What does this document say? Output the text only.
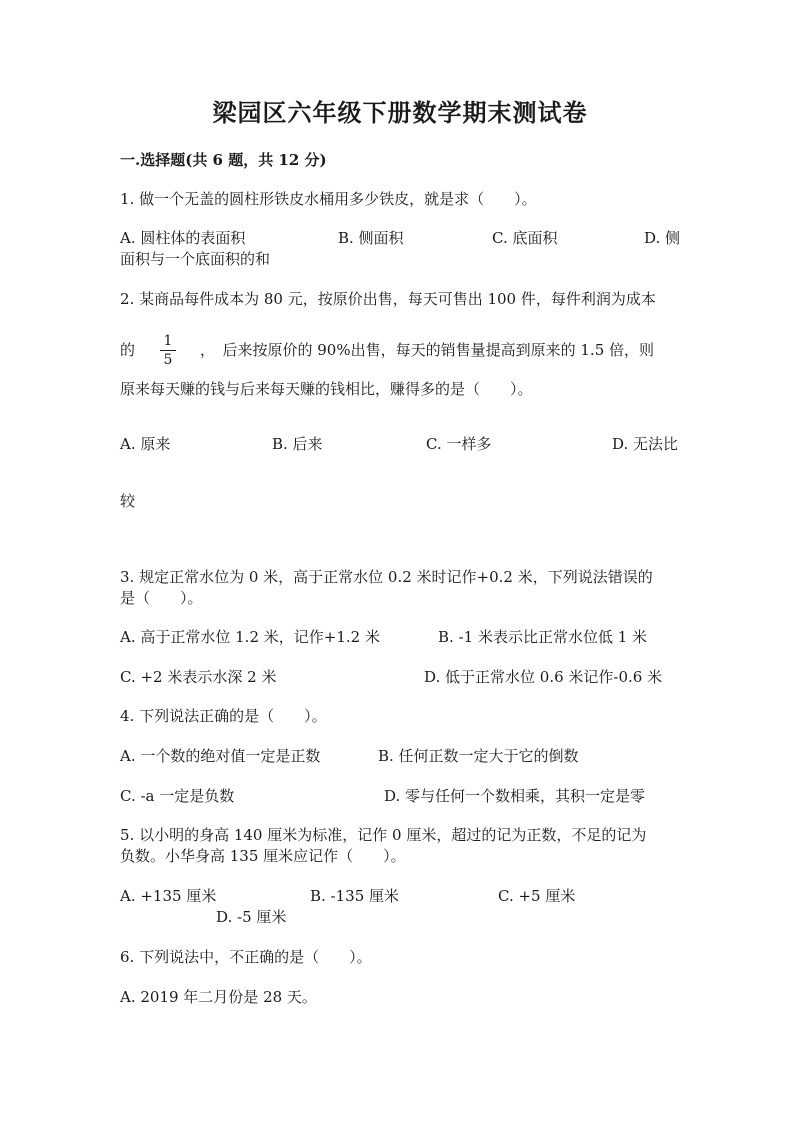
梁园区六年级下册数学期末测试卷
一.选择题(共 6 题，共 12 分)
1. 做一个无盖的圆柱形铁皮水桶用多少铁皮，就是求（　　）。
A. 圆柱体的表面积	B. 侧面积	C. 底面积	D. 侧
面积与一个底面积的和
2. 某商品每件成本为 80 元，按原价出售，每天可售出 100 件，每件利润为成本
的	1
5
，　后来按原价的 90%出售，每天的销售量提高到原来的 1.5 倍，则
原来每天赚的钱与后来每天赚的钱相比，赚得多的是（　　）。
A. 原来	B. 后来	C. 一样多	D. 无法比
较
3. 规定正常水位为 0 米，高于正常水位 0.2 米时记作+0.2 米，下列说法错误的
是（　　）。
A. 高于正常水位 1.2 米，记作+1.2 米	B. -1 米表示比正常水位低 1 米
C. +2 米表示水深 2 米	D. 低于正常水位 0.6 米记作-0.6 米
4. 下列说法正确的是（　　）。
A. 一个数的绝对值一定是正数	B. 任何正数一定大于它的倒数
C. -a 一定是负数	D. 零与任何一个数相乘，其积一定是零
5. 以小明的身高 140 厘米为标准，记作 0 厘米，超过的记为正数，不足的记为
负数。小华身高 135 厘米应记作（　　）。
A. +135 厘米	B. -135 厘米	C. +5 厘米
D. -5 厘米
6. 下列说法中，不正确的是（　　）。
A. 2019 年二月份是 28 天。
